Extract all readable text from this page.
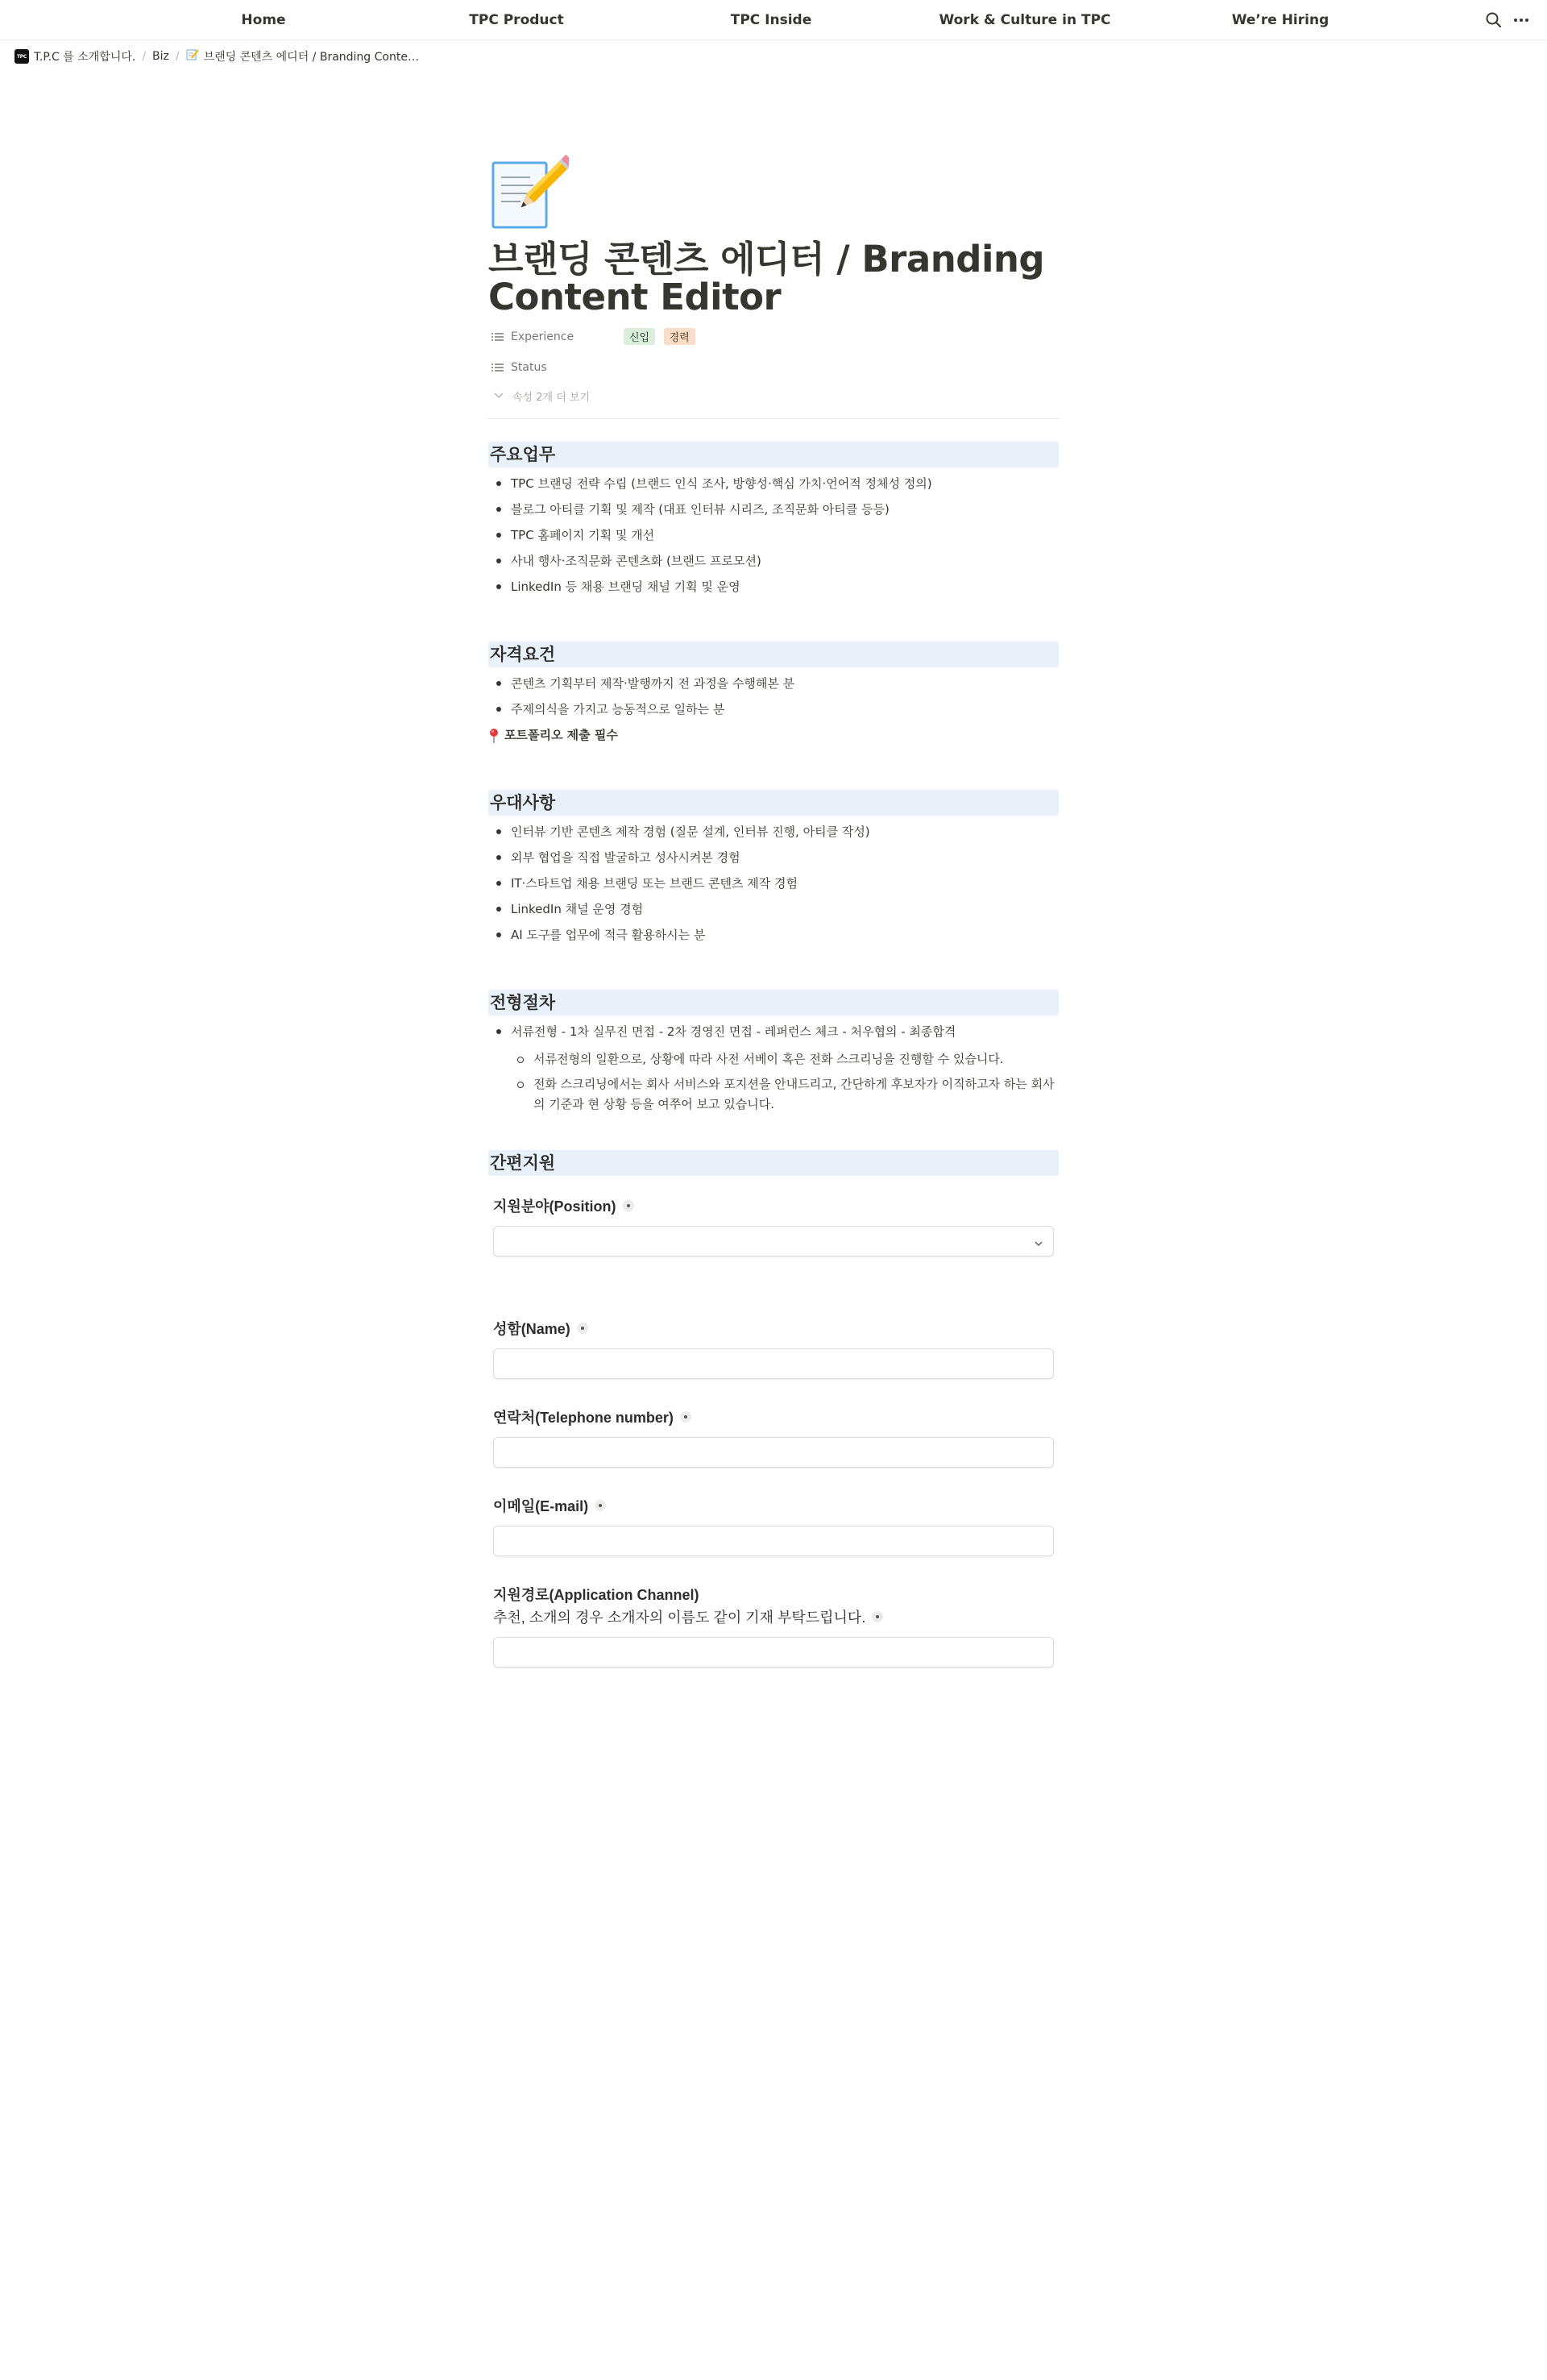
Home	TPC Product	TPC Inside	Work & Culture in TPC	We’re Hiring
TPC T.P.C 를 소개합니다. / Biz / 브랜딩 콘텐츠 에디터 / Branding Conte…
브랜딩 콘텐츠 에디터 / Branding Content Editor
Experience	신입 경력
Status
속성 2개 더 보기
주요업무
TPC 브랜딩 전략 수립 (브랜드 인식 조사, 방향성·핵심 가치·언어적 정체성 정의)
블로그 아티클 기획 및 제작 (대표 인터뷰 시리즈, 조직문화 아티클 등등)
TPC 홈페이지 기획 및 개선
사내 행사·조직문화 콘텐츠화 (브랜드 프로모션)
LinkedIn 등 채용 브랜딩 채널 기획 및 운영
자격요건
콘텐츠 기획부터 제작·발행까지 전 과정을 수행해본 분
주제의식을 가지고 능동적으로 일하는 분
포트폴리오 제출 필수
우대사항
인터뷰 기반 콘텐츠 제작 경험 (질문 설계, 인터뷰 진행, 아티클 작성)
외부 협업을 직접 발굴하고 성사시켜본 경험
IT·스타트업 채용 브랜딩 또는 브랜드 콘텐츠 제작 경험
LinkedIn 채널 운영 경험
AI 도구를 업무에 적극 활용하시는 분
전형절차
서류전형 - 1차 실무진 면접 - 2차 경영진 면접 - 레퍼런스 체크 - 처우협의 - 최종합격
서류전형의 일환으로, 상황에 따라 사전 서베이 혹은 전화 스크리닝을 진행할 수 있습니다.
전화 스크리닝에서는 회사 서비스와 포지션을 안내드리고, 간단하게 후보자가 이직하고자 하는 회사의 기준과 현 상황 등을 여쭈어 보고 있습니다.
간편지원
지원분야(Position)
성함(Name)
연락처(Telephone number)
이메일(E-mail)
지원경로(Application Channel)
추천, 소개의 경우 소개자의 이름도 같이 기재 부탁드립니다.
